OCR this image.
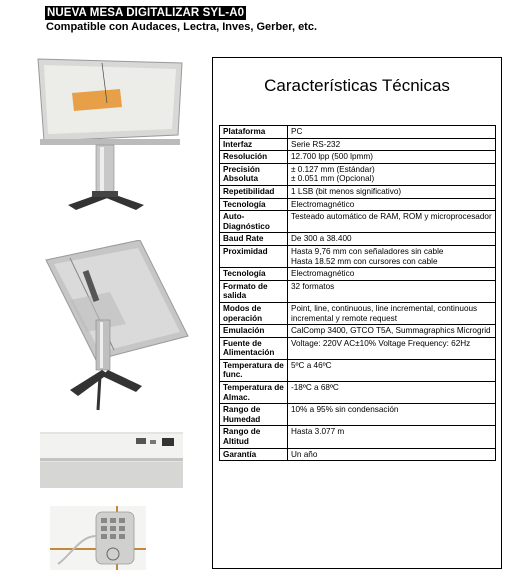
NUEVA MESA DIGITALIZAR SYL-A0
Compatible con Audaces, Lectra, Inves, Gerber, etc.
Características Técnicas
Plataforma	PC
Interfaz	Serie RS-232
Resolución	12.700 lpp (500 lpmm)
Precisión Absoluta	± 0.127 mm (Estándar)
± 0.051 mm (Opcional)
Repetibilidad	1 LSB (bit menos significativo)
Tecnología	Electromagnético
Auto-Diagnóstico	Testeado automático de RAM, ROM y microprocesador
Baud Rate	De 300 a 38.400
Proximidad	Hasta 9,76 mm con señaladores sin cable
Hasta 18.52 mm con cursores con cable
Tecnología	Electromagnético
Formato de salida	32 formatos
Modos de operación	Point, line, continuous, line incremental, continuous incremental y remote request
Emulación	CalComp 3400, GTCO T5A, Summagraphics Microgrid
Fuente de Alimentación	Voltage: 220V AC±10% Voltage Frequency: 62Hz
Temperatura de func.	5ºC a 46ºC
Temperatura de Almac.	-18ºC a 68ºC
Rango de Humedad	10% a 95% sin condensación
Rango de Altitud	Hasta 3.077 m
Garantía	Un año
